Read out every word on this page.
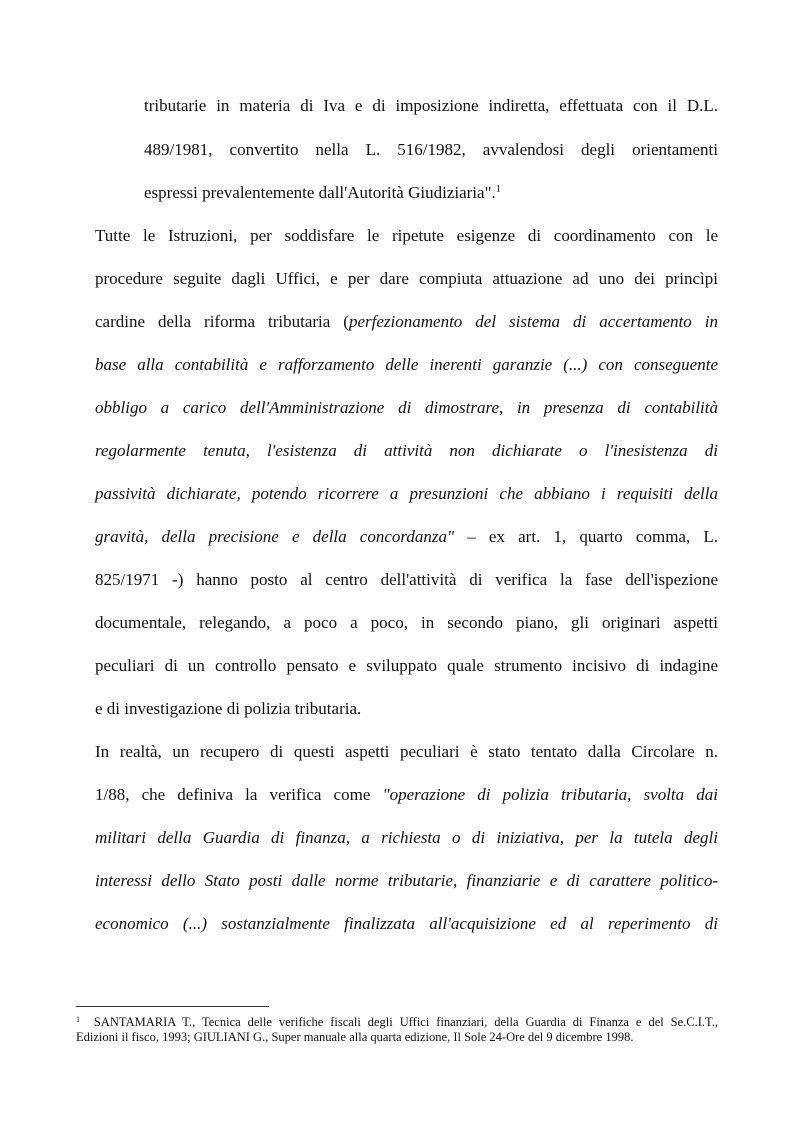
tributarie in materia di Iva e di imposizione indiretta, effettuata con il D.L.

489/1981, convertito nella L. 516/1982, avvalendosi degli orientamenti

espressi prevalentemente dall'Autorità Giudiziaria".$^1$

Tutte le Istruzioni, per soddisfare le ripetute esigenze di coordinamento con le

procedure seguite dagli Uffici, e per dare compiuta attuazione ad uno dei princìpi

cardine della riforma tributaria (perfezionamento del sistema di accertamento in

base alla contabilità e rafforzamento delle inerenti garanzie (...) con conseguente

obbligo a carico dell'Amministrazione di dimostrare, in presenza di contabilità

regolarmente tenuta, l'esistenza di attività non dichiarate o l'inesistenza di

passività dichiarate, potendo ricorrere a presunzioni che abbiano i requisiti della

gravità, della precisione e della concordanza" – ex art. 1, quarto comma, L.

825/1971 -) hanno posto al centro dell'attività di verifica la fase dell'ispezione

documentale, relegando, a poco a poco, in secondo piano, gli originari aspetti

peculiari di un controllo pensato e sviluppato quale strumento incisivo di indagine

e di investigazione di polizia tributaria.

In realtà, un recupero di questi aspetti peculiari è stato tentato dalla Circolare n.

1/88, che definiva la verifica come "operazione di polizia tributaria, svolta dai

militari della Guardia di finanza, a richiesta o di iniziativa, per la tutela degli

interessi dello Stato posti dalle norme tributarie, finanziarie e di carattere politico-

economico (...) sostanzialmente finalizzata all'acquisizione ed al reperimento di

$^1$ SANTAMARIA T., Tecnica delle verifiche fiscali degli Uffici finanziari, della Guardia di Finanza e del Se.C.I.T.,

Edizioni il fisco, 1993; GIULIANI G., Super manuale alla quarta edizione, Il Sole 24-Ore del 9 dicembre 1998.
